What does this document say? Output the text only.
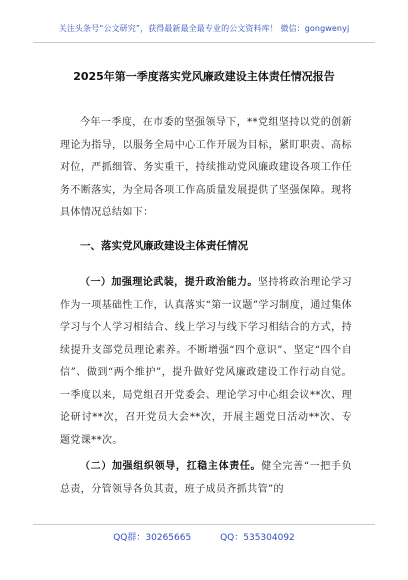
关注头条号“公文研究”，获得最新最全最专业的公文资料库！ 微信：gongwenyj
2025年第一季度落实党风廉政建设主体责任情况报告

今年一季度，在市委的坚强领导下，**党组坚持以党的创新理论为指导，以服务全局中心工作开展为目标，紧盯职责、高标对位，严抓细管、务实重干，持续推动党风廉政建设各项工作任务不断落实，为全局各项工作高质量发展提供了坚强保障。现将具体情况总结如下：

一、落实党风廉政建设主体责任情况

（一）加强理论武装，提升政治能力。坚持将政治理论学习作为一项基础性工作，认真落实“第一议题”学习制度，通过集体学习与个人学习相结合、线上学习与线下学习相结合的方式，持续提升支部党员理论素养。不断增强“四个意识”、坚定“四个自信”、做到“两个维护”，提升做好党风廉政建设工作行动自觉。一季度以来，局党组召开党委会、理论学习中心组会议**次、理论研讨**次，召开党员大会**次，开展主题党日活动**次、专题党课**次。

（二）加强组织领导，扛稳主体责任。健全完善“一把手负总责，分管领导各负其责，班子成员齐抓共管”的

QQ群：30265665	QQ：535304092
